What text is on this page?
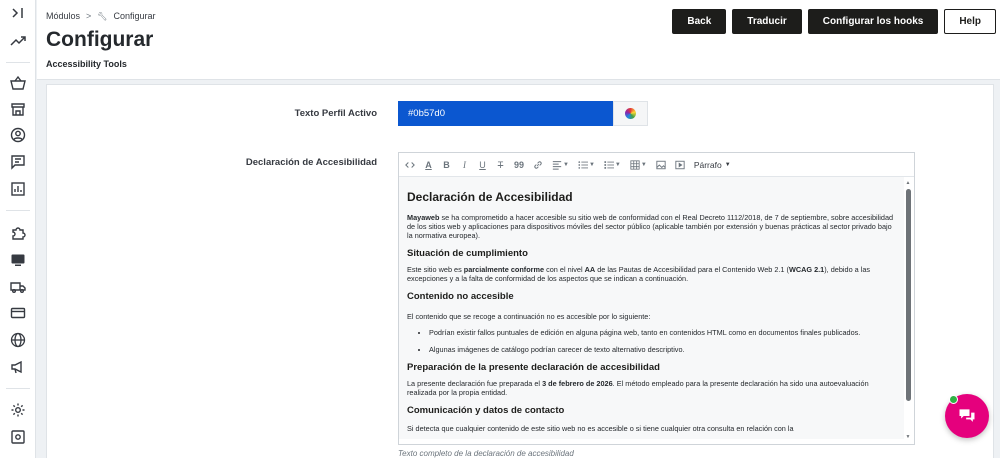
Módulos > 🔧︎ Configurar
Configurar
Accessibility Tools
Back	Traducir	Configurar los hooks	Help
Texto Perfil Activo	#0b57d0
Declaración de Accesibilidad	A B	I	U T 99	▼	▼	▼	▼	Párrafo ▼
Declaración de Accesibilidad

Mayaweb se ha comprometido a hacer accesible su sitio web de conformidad con el Real Decreto 1112/2018, de 7 de septiembre, sobre accesibilidad de los sitios web y aplicaciones para dispositivos móviles del sector público (aplicable también por extensión y buenas prácticas al sector privado bajo la normativa europea).

Situación de cumplimiento

Este sitio web es parcialmente conforme con el nivel AA de las Pautas de Accesibilidad para el Contenido Web 2.1 (WCAG 2.1), debido a las excepciones y a la falta de conformidad de los aspectos que se indican a continuación.

Contenido no accesible

El contenido que se recoge a continuación no es accesible por lo siguiente:

• Podrían existir fallos puntuales de edición en alguna página web, tanto en contenidos HTML como en documentos finales publicados.
• Algunas imágenes de catálogo podrían carecer de texto alternativo descriptivo.
Preparación de la presente declaración de accesibilidad

La presente declaración fue preparada el 3 de febrero de 2026. El método empleado para la presente declaración ha sido una autoevaluación realizada por la propia entidad.

Comunicación y datos de contacto

Si detecta que cualquier contenido de este sitio web no es accesible o si tiene cualquier otra consulta en relación con la

▲
▼
Texto completo de la declaración de accesibilidad
